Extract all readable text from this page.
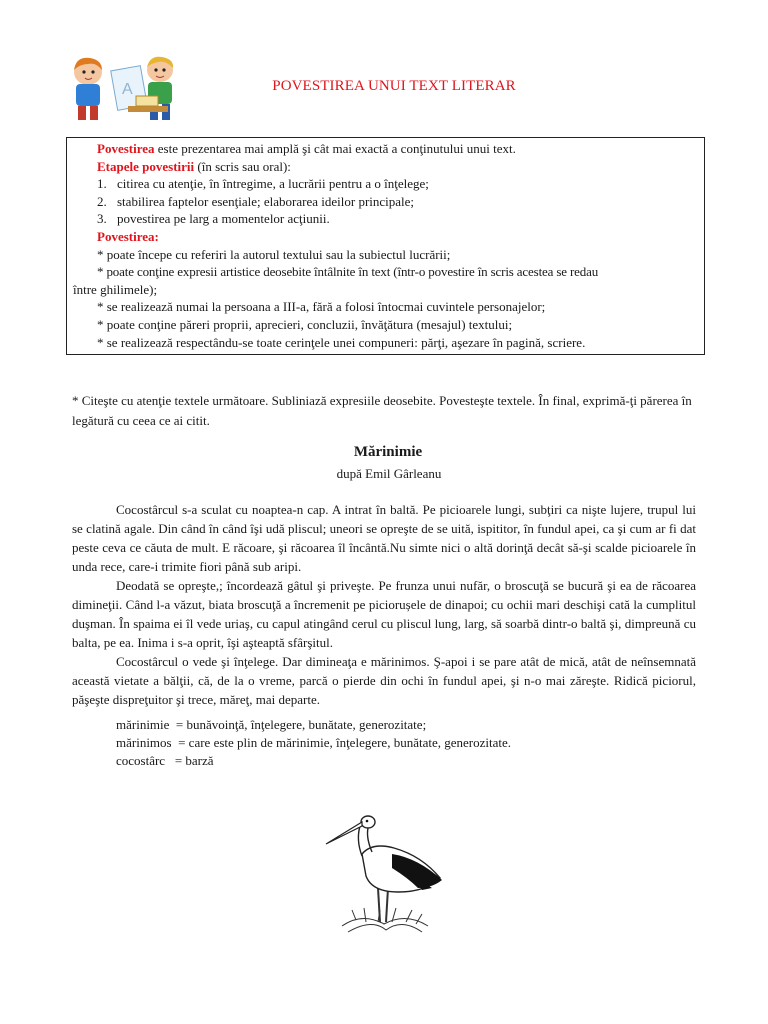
A	POVESTIREA UNUI TEXT LITERAR
Povestirea este prezentarea mai amplă şi cât mai exactă a conţinutului unui text.
Etapele povestirii (în scris sau oral):
1. citirea cu atenţie, în întregime, a lucrării pentru a o înţelege;
2. stabilirea faptelor esenţiale; elaborarea ideilor principale;
3. povestirea pe larg a momentelor acţiunii.
Povestirea:
* poate începe cu referiri la autorul textului sau la subiectul lucrării;
* poate conţine expresii artistice deosebite întâlnite în text (într-o povestire în scris acestea se redau
între ghilimele);
* se realizează numai la persoana a III-a, fără a folosi întocmai cuvintele personajelor;
* poate conţine păreri proprii, aprecieri, concluzii, învăţătura (mesajul) textului;
* se realizează respectându-se toate cerinţele unei compuneri: părţi, aşezare în pagină, scriere.
* Citeşte cu atenţie textele următoare. Subliniază expresiile deosebite. Povesteşte textele. În final, exprimă-ţi părerea în legătură cu ceea ce ai citit.
Mărinimie
după Emil Gârleanu

Cocostârcul s-a sculat cu noaptea-n cap. A intrat în baltă. Pe picioarele lungi, subţiri ca nişte lujere, trupul lui se clatină agale. Din când în când îşi udă pliscul; uneori se opreşte de se uită, ispititor, în fundul apei, ca şi cum ar fi dat peste ceva ce căuta de mult. E răcoare, şi răcoarea îl încântă.Nu simte nici o altă dorinţă decât să-şi scalde picioarele în unda rece, care-i trimite fiori până sub aripi.

Deodată se opreşte,; încordează gâtul şi priveşte. Pe frunza unui nufăr, o broscuţă se bucură şi ea de răcoarea dimineţii. Când l-a văzut, biata broscuţă a încremenit pe piciorușele de dinapoi; cu ochii mari deschişi cată la cumplitul duşman. În spaima ei îl vede uriaş, cu capul atingând cerul cu pliscul lung, larg, să soarbă dintr-o baltă şi, dimpreună cu balta, pe ea. Inima i s-a oprit, îşi aşteaptă sfârşitul.

Cocostârcul o vede şi înţelege. Dar dimineaţa e mărinimos. Ş-apoi i se pare atât de mică, atât de neînsemnată această vietate a bălţii, că, de la o vreme, parcă o pierde din ochi în fundul apei, şi n-o mai zăreşte. Ridică piciorul, păşeşte dispreţuitor şi trece, măreţ, mai departe.

mărinimie  = bunăvoinţă, înţelegere, bunătate, generozitate;
mărinimos  = care este plin de mărinimie, înţelegere, bunătate, generozitate.
cocostârc   = barză
